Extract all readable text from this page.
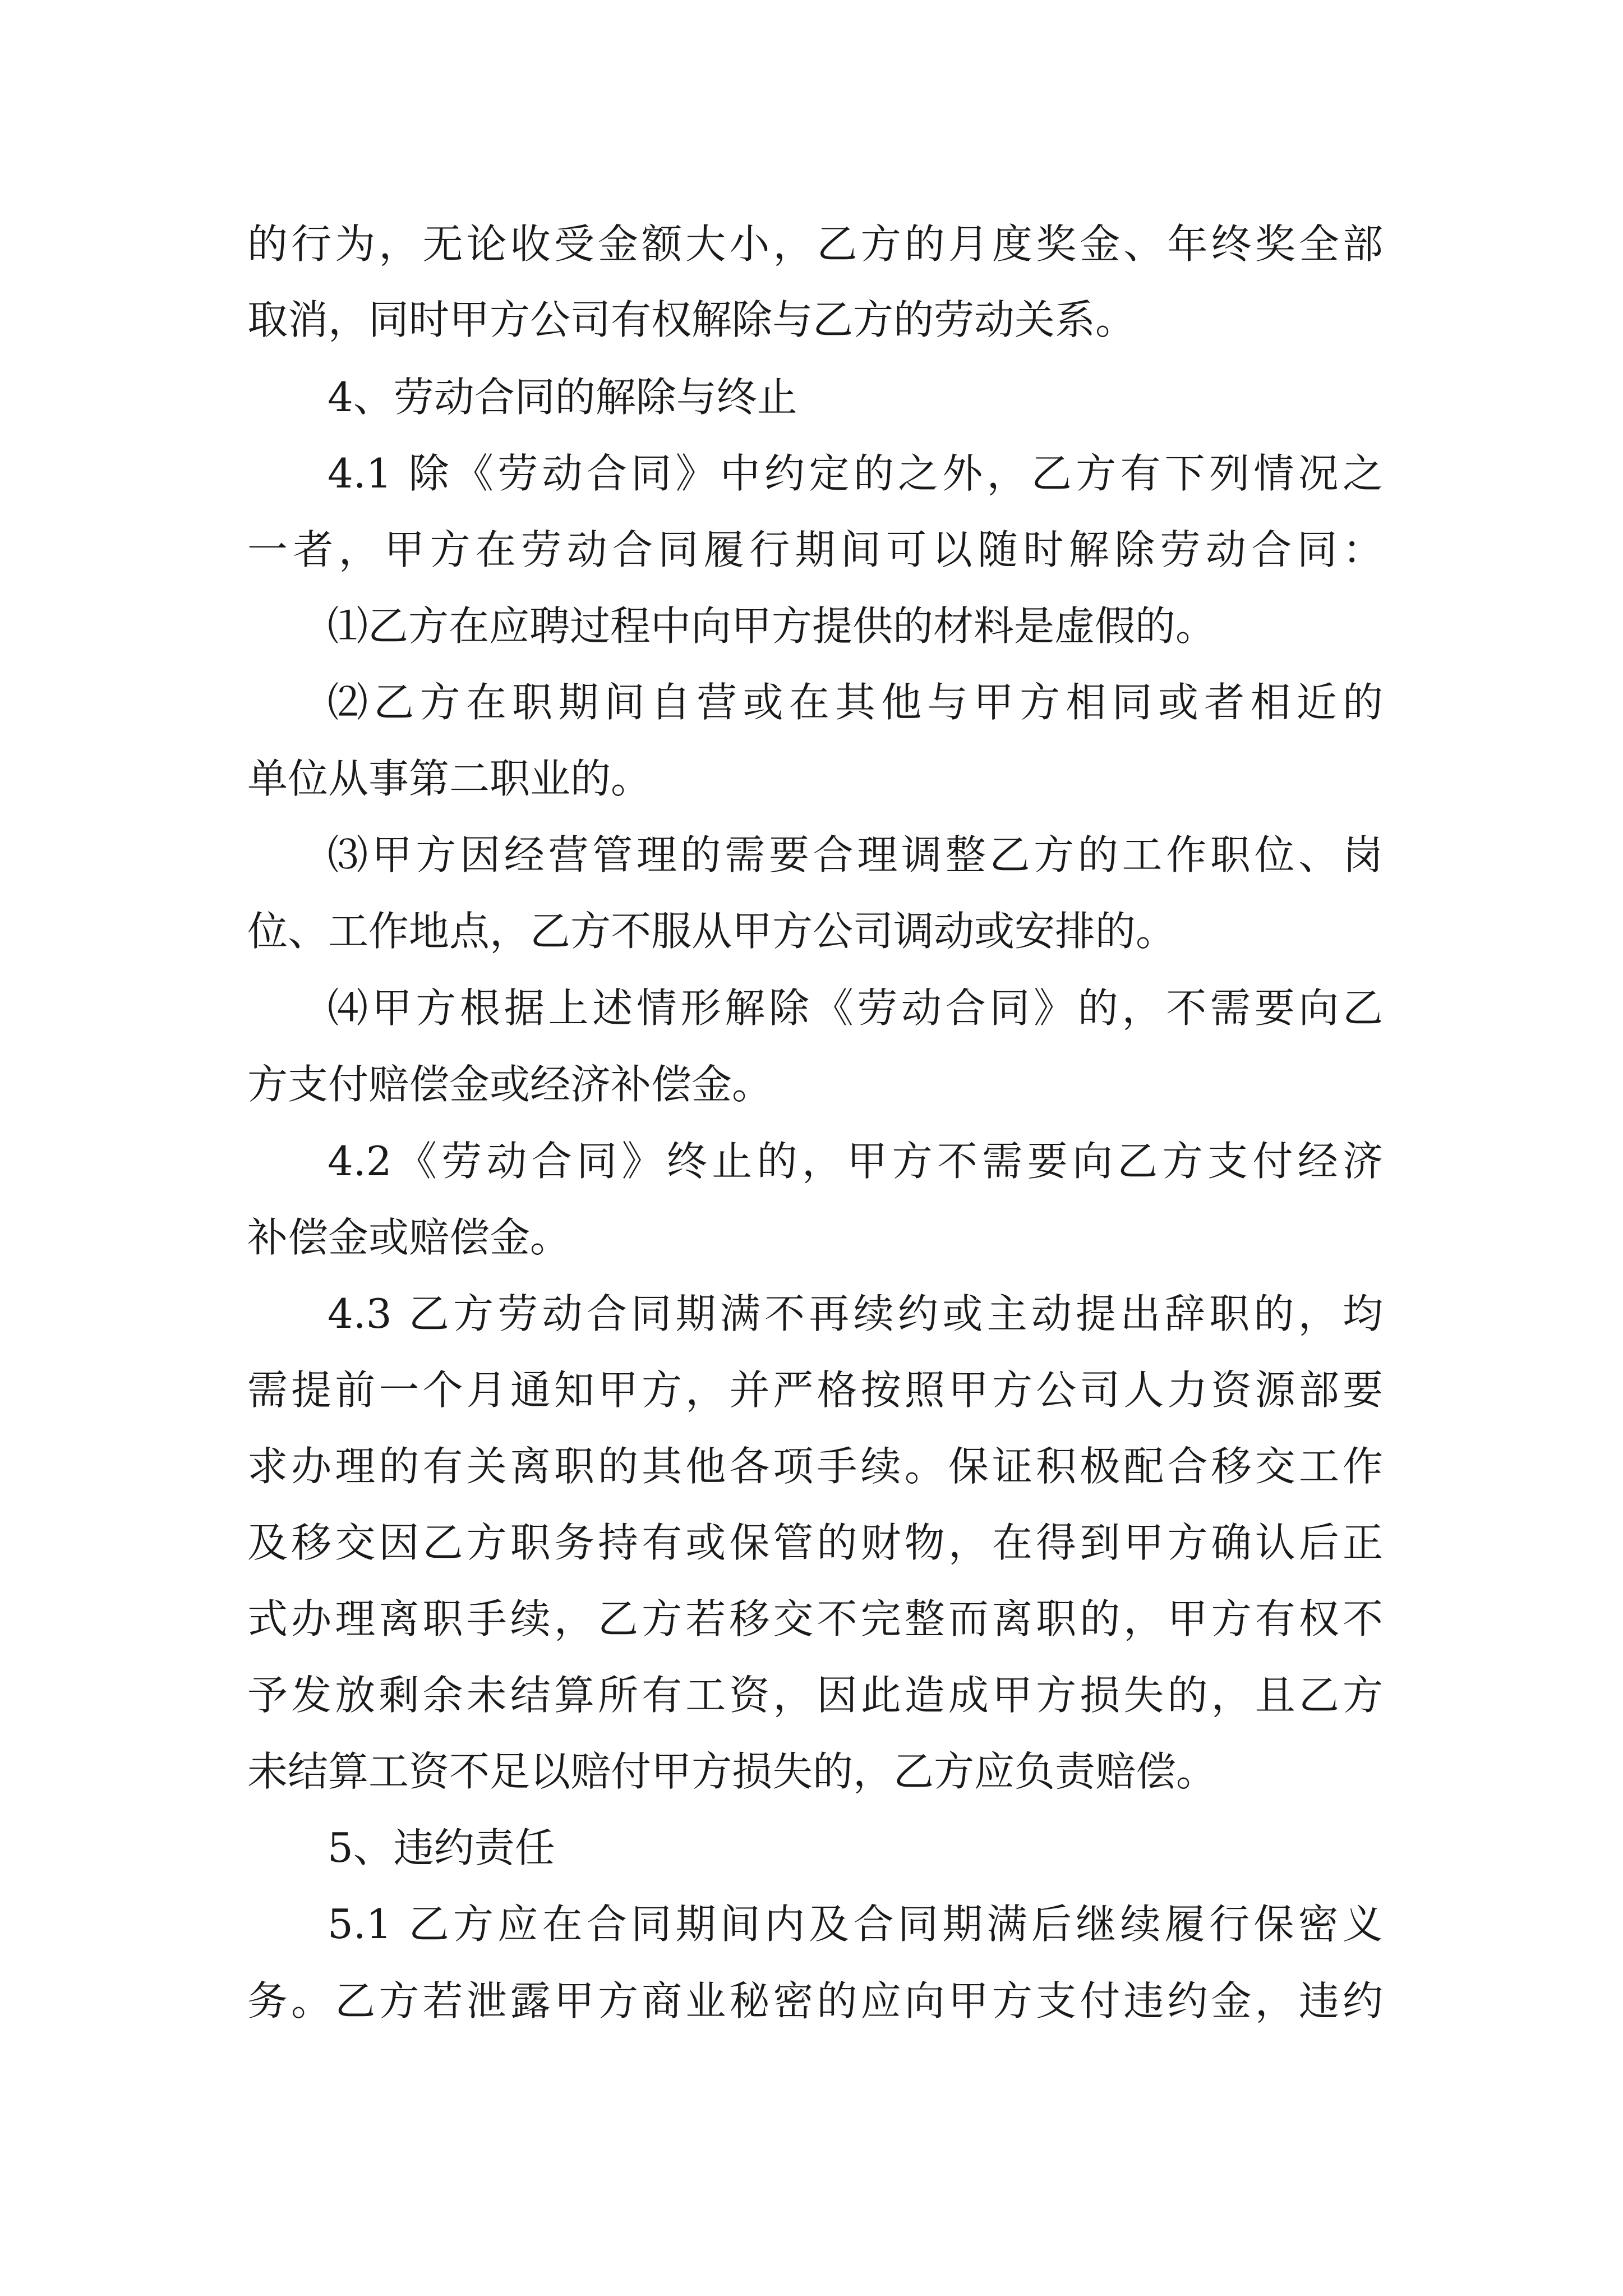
的行为，无论收受金额大小，乙方的月度奖金、年终奖全部
取消，同时甲方公司有权解除与乙方的劳动关系。
4、劳动合同的解除与终止
4.1 除《劳动合同》中约定的之外，乙方有下列情况之
一者，甲方在劳动合同履行期间可以随时解除劳动合同：
⑴乙方在应聘过程中向甲方提供的材料是虚假的。
⑵乙方在职期间自营或在其他与甲方相同或者相近的
单位从事第二职业的。
⑶甲方因经营管理的需要合理调整乙方的工作职位、岗
位、工作地点，乙方不服从甲方公司调动或安排的。
⑷甲方根据上述情形解除《劳动合同》的，不需要向乙
方支付赔偿金或经济补偿金。
4.2《劳动合同》终止的，甲方不需要向乙方支付经济
补偿金或赔偿金。
4.3 乙方劳动合同期满不再续约或主动提出辞职的，均
需提前一个月通知甲方，并严格按照甲方公司人力资源部要
求办理的有关离职的其他各项手续。保证积极配合移交工作
及移交因乙方职务持有或保管的财物，在得到甲方确认后正
式办理离职手续，乙方若移交不完整而离职的，甲方有权不
予发放剩余未结算所有工资，因此造成甲方损失的，且乙方
未结算工资不足以赔付甲方损失的，乙方应负责赔偿。
5、违约责任
5.1 乙方应在合同期间内及合同期满后继续履行保密义
务。乙方若泄露甲方商业秘密的应向甲方支付违约金，违约
